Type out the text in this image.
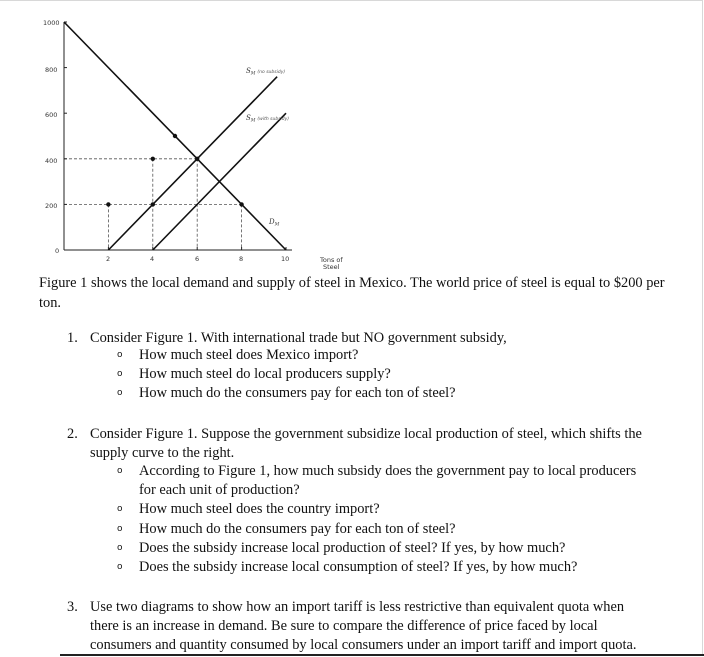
1000
800
600
400
200
0
2	4	6	8	10	Tons of
Steel
$S_M$ $^{(no subsidy)}$
$S_M$ $^{(with subsidy)}$
$D_M$

Figure 1 shows the local demand and supply of steel in Mexico. The world price of steel is equal to $200 per ton.

1. Consider Figure 1. With international trade but NO government subsidy,
o How much steel does Mexico import?
o How much steel do local producers supply?
o How much do the consumers pay for each ton of steel?
2. Consider Figure 1. Suppose the government subsidize local production of steel, which shifts the
supply curve to the right.
o According to Figure 1, how much subsidy does the government pay to local producers
for each unit of production?
o How much steel does the country import?
o How much do the consumers pay for each ton of steel?
o Does the subsidy increase local production of steel? If yes, by how much?
o Does the subsidy increase local consumption of steel? If yes, by how much?
3. Use two diagrams to show how an import tariff is less restrictive than equivalent quota when
there is an increase in demand. Be sure to compare the difference of price faced by local
consumers and quantity consumed by local consumers under an import tariff and import quota.
